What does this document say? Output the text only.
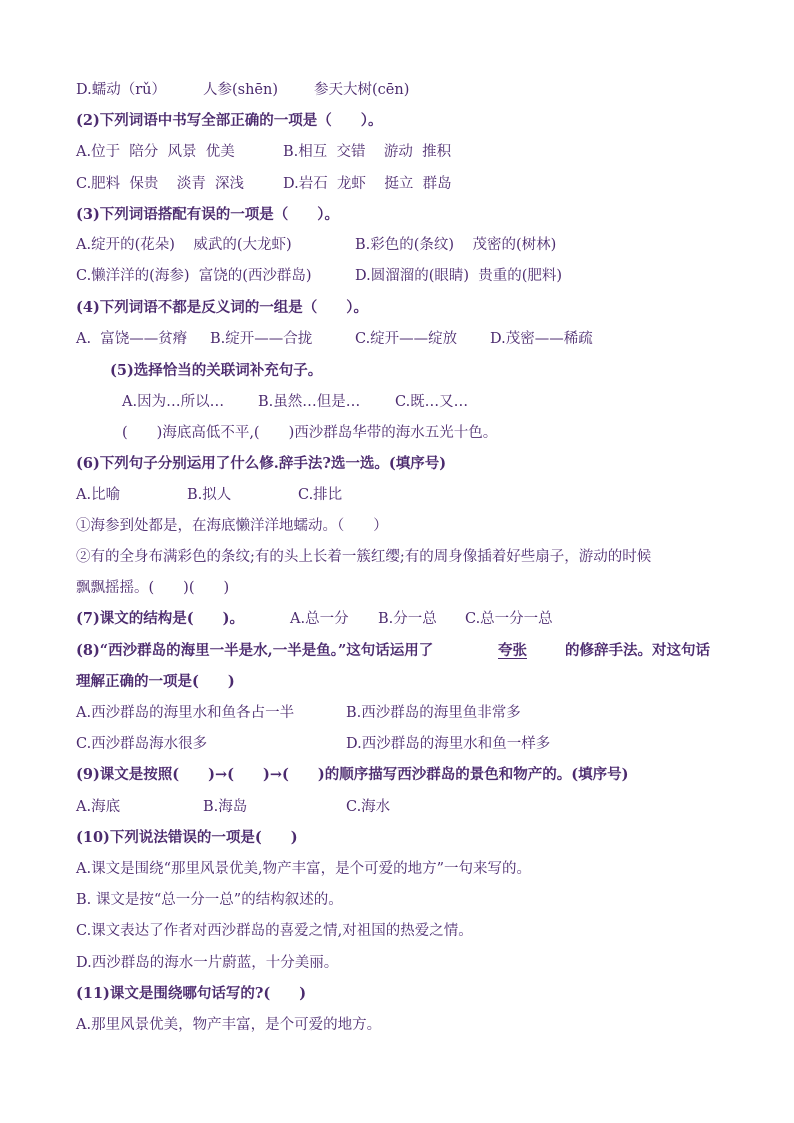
D.蠕动（rǔ）

	人参(shēn)

参天大树(cēn)

(2)下列词语中书写全部正确的一项是（　　）。

A.位于  陪分  风景  优美

	B.相互  交错    游动  推积

C.肥料  保贵    淡青  深浅

	D.岩石  龙虾    挺立  群岛

(3)下列词语搭配有误的一项是（　　）。

A.绽开的(花朵)    威武的(大龙虾)

	B.彩色的(条纹)    茂密的(树林)

C.懒洋洋的(海参)  富饶的(西沙群岛)

	D.圆溜溜的(眼睛)  贵重的(肥料)

(4)下列词语不都是反义词的一组是（　　）。

A.  富饶——贫瘠

B.绽开——合拢

	C.绽开——绽放

D.茂密——稀疏

(5)选择恰当的关联词补充句子。

A.因为…所以…

B.虽然…但是…

C.既…又…

(　　)海底高低不平,(　　)西沙群岛华带的海水五光十色。
(6)下列句子分别运用了什么修.辞手法?选一选。(填序号)

A.比喻

	B.拟人

	C.排比

①海参到处都是，在海底懒洋洋地蠕动。（　　）
②有的全身布满彩色的条纹;有的头上长着一簇红缨;有的周身像插着好些扇子，游动的时候
飘飘摇摇。(　　)(　　)

(7)课文的结构是(　　)。

	A.总一分

B.分一总

C.总一分一总

(8)“西沙群岛的海里一半是水,一半是鱼。”这句话运用了

	夸张

	的修辞手法。对这句话

理解正确的一项是(　　)

A.西沙群岛的海里水和鱼各占一半

	B.西沙群岛的海里鱼非常多

C.西沙群岛海水很多

	D.西沙群岛的海里水和鱼一样多

(9)课文是按照(　　)→(　　)→(　　)的顺序描写西沙群岛的景色和物产的。(填序号)

A.海底

	B.海岛

	C.海水

(10)下列说法错误的一项是(　　)
A.课文是围绕“那里风景优美,物产丰富，是个可爱的地方”一句来写的。
B. 课文是按“总一分一总”的结构叙述的。
C.课文表达了作者对西沙群岛的喜爱之情,对祖国的热爱之情。
D.西沙群岛的海水一片蔚蓝，十分美丽。
(11)课文是围绕哪句话写的?(　　)
A.那里风景优美，物产丰富，是个可爱的地方。
